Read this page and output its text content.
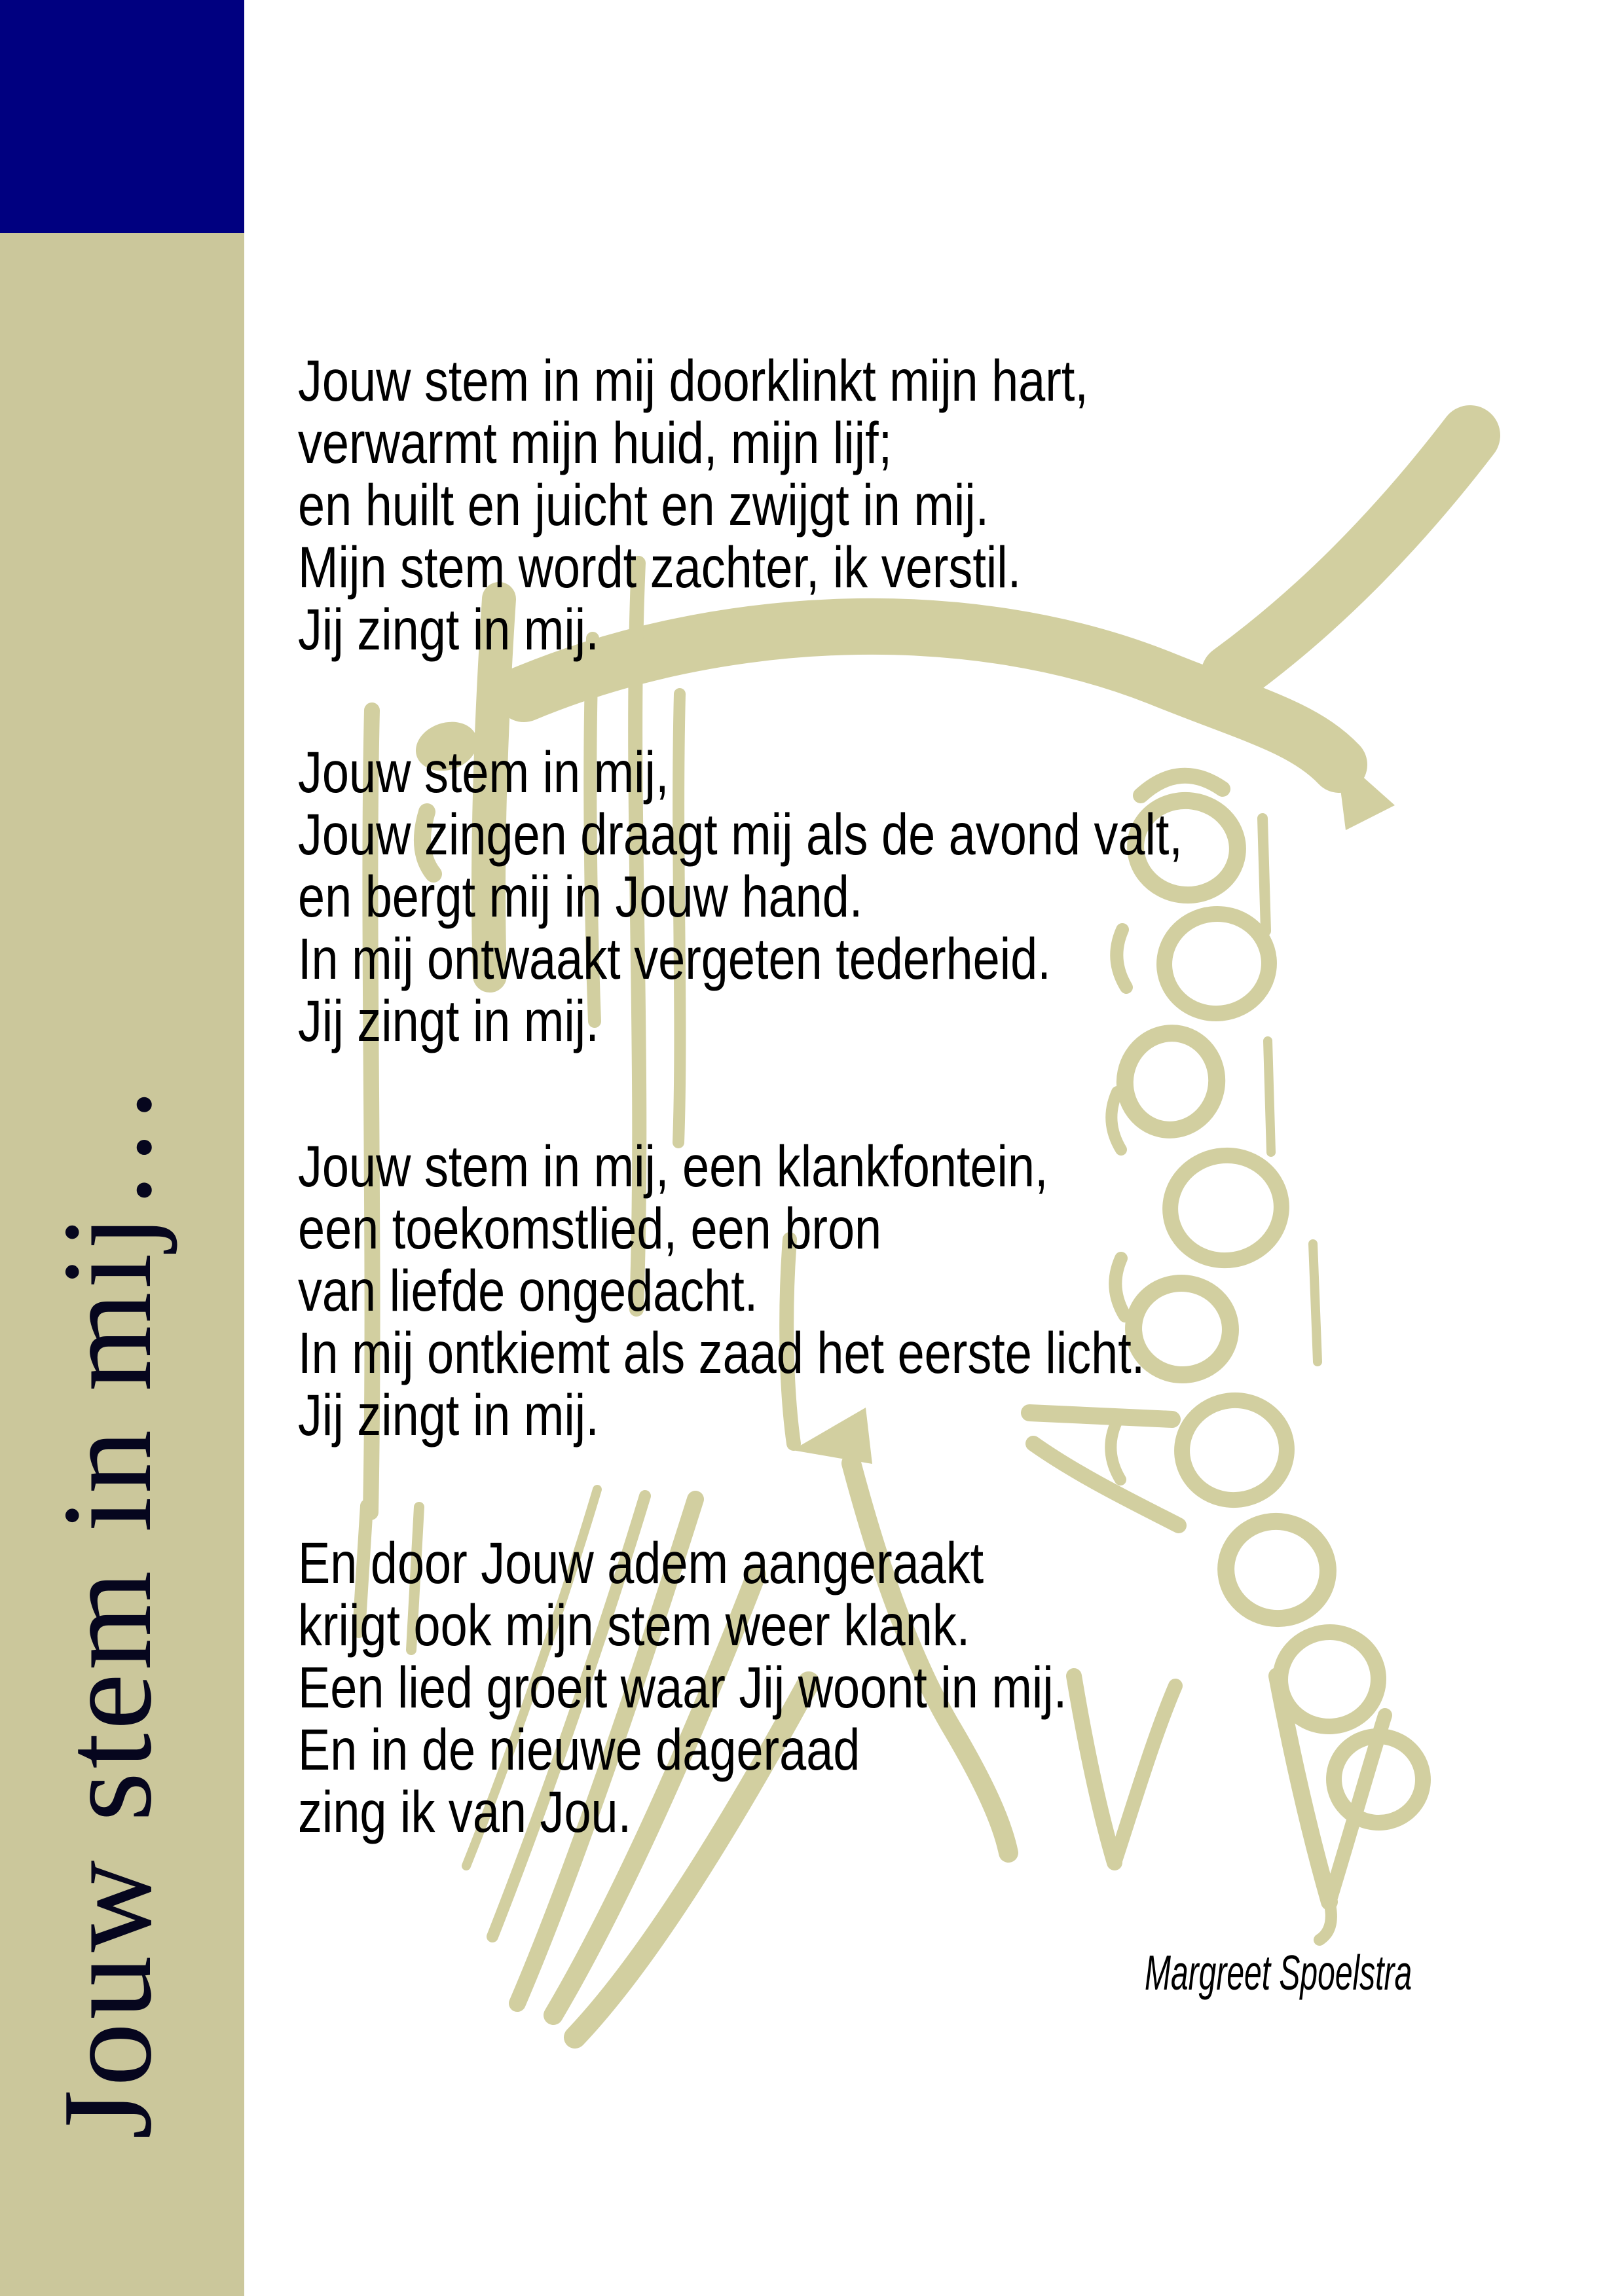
Jouw stem in mij…
Jouw stem in mij doorklinkt mijn hart,
verwarmt mijn huid, mijn lijf;
en huilt en juicht en zwijgt in mij.
Mijn stem wordt zachter, ik verstil.
Jij zingt in mij.
Jouw stem in mij,
Jouw zingen draagt mij als de avond valt,
en bergt mij in Jouw hand.
In mij ontwaakt vergeten tederheid.
Jij zingt in mij.
Jouw stem in mij, een klankfontein,
een toekomstlied, een bron
van liefde ongedacht.
In mij ontkiemt als zaad het eerste licht.
Jij zingt in mij.
En door Jouw adem aangeraakt
krijgt ook mijn stem weer klank.
Een lied groeit waar Jij woont in mij.
En in de nieuwe dageraad
zing ik van Jou.
Margreet Spoelstra
